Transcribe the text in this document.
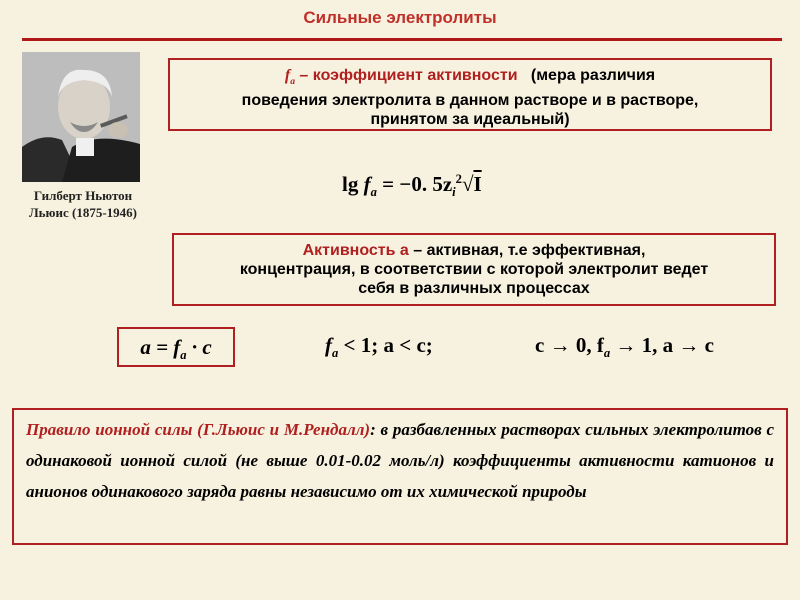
Сильные электролиты
Гилберт Ньютон
Льюис (1875-1946)
$f_a$ – коэффициент активности (мера различия
поведения электролита в данном растворе и в растворе,
принятом за идеальный)
$\lg f_a = -0$. $5z_i^2√I$
Активность а – активная, т.е эффективная,
концентрация, в соответствии с которой электролит ведет
себя в различных процессах
$a = f_a \cdot c$	$f_a < 1$; a < c;	c → 0, $f_a \to 1$, a → c
Правило ионной силы (Г.Льюис и М.Рендалл): в разбавленных растворах сильных электролитов с одинаковой ионной силой (не выше 0.01-0.02 моль/л) коэффициенты активности катионов и анионов одинакового заряда равны независимо от их химической природы
